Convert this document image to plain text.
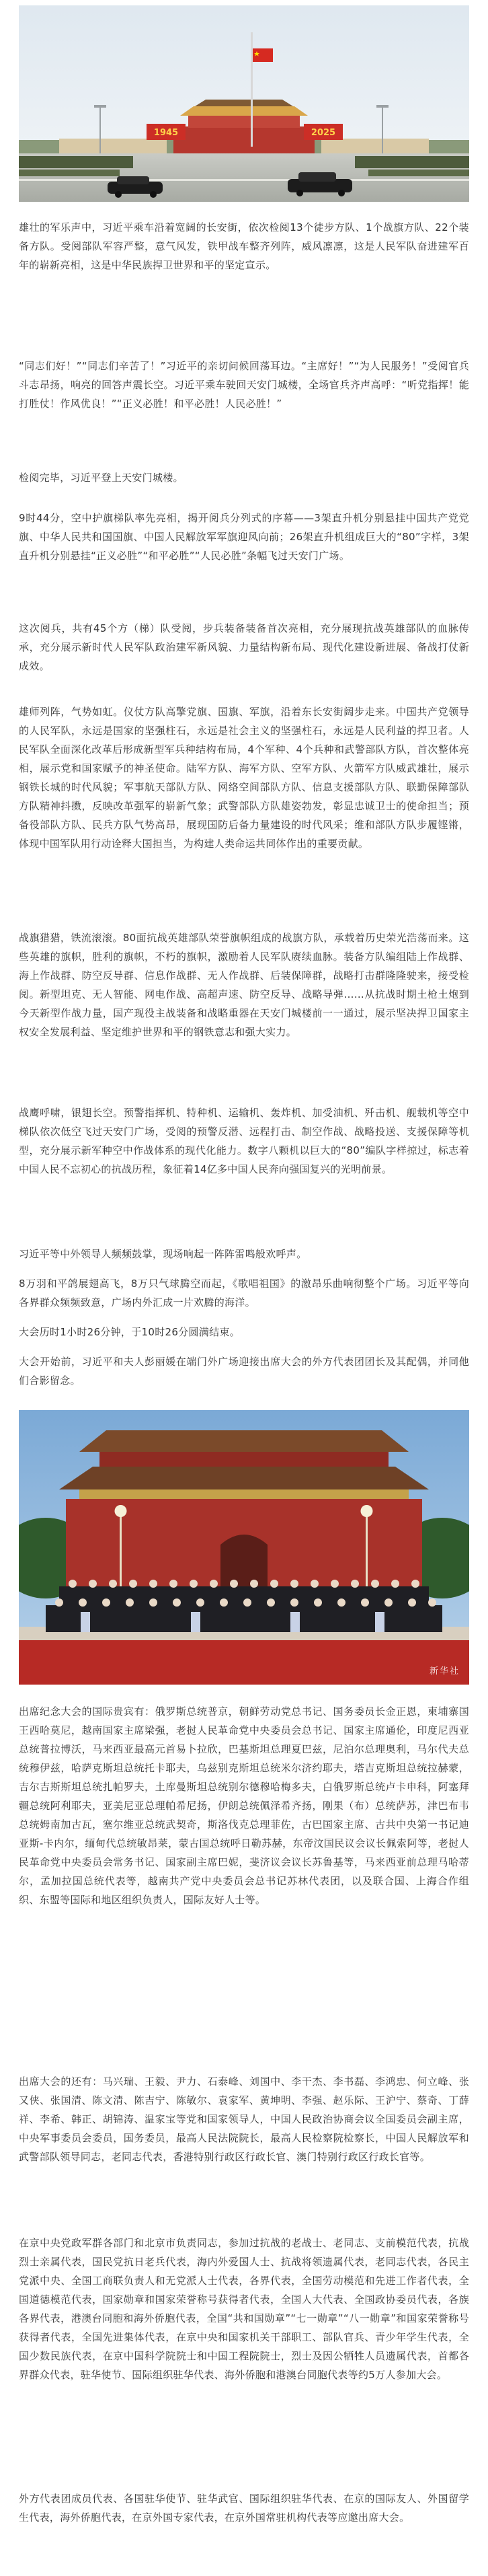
1945	2025

雄壮的军乐声中，习近平乘车沿着宽阔的长安街，依次检阅13个徒步方队、1个战旗方队、22个装备方队。受阅部队军容严整，意气风发，铁甲战车整齐列阵，威风凛凛，这是人民军队奋进建军百年的崭新亮相，这是中华民族捍卫世界和平的坚定宣示。

“同志们好！”“同志们辛苦了！”习近平的亲切问候回荡耳边。“主席好！”“为人民服务！”受阅官兵斗志昂扬，响亮的回答声震长空。习近平乘车驶回天安门城楼，全场官兵齐声高呼：“听党指挥！能打胜仗！作风优良！”“正义必胜！和平必胜！人民必胜！”

检阅完毕，习近平登上天安门城楼。

9时44分，空中护旗梯队率先亮相，揭开阅兵分列式的序幕——3架直升机分别悬挂中国共产党党旗、中华人民共和国国旗、中国人民解放军军旗迎风向前；26架直升机组成巨大的“80”字样，3架直升机分别悬挂“正义必胜”“和平必胜”“人民必胜”条幅飞过天安门广场。

这次阅兵，共有45个方（梯）队受阅，步兵装备装备首次亮相，充分展现抗战英雄部队的血脉传承，充分展示新时代人民军队政治建军新风貌、力量结构新布局、现代化建设新进展、备战打仗新成效。

雄师列阵，气势如虹。仪仗方队高擎党旗、国旗、军旗，沿着东长安街阔步走来。中国共产党领导的人民军队，永远是国家的坚强柱石，永远是社会主义的坚强柱石，永远是人民利益的捍卫者。人民军队全面深化改革后形成新型军兵种结构布局，4个军种、4个兵种和武警部队方队，首次整体亮相，展示党和国家赋予的神圣使命。陆军方队、海军方队、空军方队、火箭军方队威武雄壮，展示钢铁长城的时代风貌；军事航天部队方队、网络空间部队方队、信息支援部队方队、联勤保障部队方队精神抖擞，反映改革强军的崭新气象；武警部队方队雄姿勃发，彰显忠诚卫士的使命担当；预备役部队方队、民兵方队气势高昂，展现国防后备力量建设的时代风采；维和部队方队步履铿锵，体现中国军队用行动诠释大国担当，为构建人类命运共同体作出的重要贡献。

战旗猎猎，铁流滚滚。80面抗战英雄部队荣誉旗帜组成的战旗方队，承载着历史荣光浩荡而来。这些英雄的旗帜，胜利的旗帜，不朽的旗帜，激励着人民军队赓续血脉。装备方队编组陆上作战群、海上作战群、防空反导群、信息作战群、无人作战群、后装保障群，战略打击群隆隆驶来，接受检阅。新型坦克、无人智能、网电作战、高超声速、防空反导、战略导弹……从抗战时期土枪土炮到今天新型作战力量，国产现役主战装备和战略重器在天安门城楼前一一通过，展示坚决捍卫国家主权安全发展利益、坚定维护世界和平的钢铁意志和强大实力。

战鹰呼啸，银翅长空。预警指挥机、特种机、运输机、轰炸机、加受油机、歼击机、舰载机等空中梯队依次低空飞过天安门广场，受阅的预警反潜、远程打击、制空作战、战略投送、支援保障等机型，充分展示新军种空中作战体系的现代化能力。数字八颗机以巨大的“80”编队字样掠过，标志着中国人民不忘初心的抗战历程，象征着14亿多中国人民奔向强国复兴的光明前景。

习近平等中外领导人频频鼓掌，现场响起一阵阵雷鸣般欢呼声。

8万羽和平鸽展翅高飞，8万只气球腾空而起，《歌唱祖国》的激昂乐曲响彻整个广场。习近平等向各界群众频频致意，广场内外汇成一片欢腾的海洋。

大会历时1小时26分钟，于10时26分圆满结束。

大会开始前，习近平和夫人彭丽媛在端门外广场迎接出席大会的外方代表团团长及其配偶，并同他们合影留念。

新华社

出席纪念大会的国际贵宾有：俄罗斯总统普京，朝鲜劳动党总书记、国务委员长金正恩，柬埔寨国王西哈莫尼，越南国家主席梁强，老挝人民革命党中央委员会总书记、国家主席通伦，印度尼西亚总统普拉博沃，马来西亚最高元首易卜拉欣，巴基斯坦总理夏巴兹，尼泊尔总理奥利，马尔代夫总统穆伊兹，哈萨克斯坦总统托卡耶夫，乌兹别克斯坦总统米尔济约耶夫，塔吉克斯坦总统拉赫蒙，吉尔吉斯斯坦总统扎帕罗夫，土库曼斯坦总统别尔德穆哈梅多夫，白俄罗斯总统卢卡申科，阿塞拜疆总统阿利耶夫，亚美尼亚总理帕希尼扬，伊朗总统佩泽希齐扬，刚果（布）总统萨苏，津巴布韦总统姆南加古瓦，塞尔维亚总统武契奇，斯洛伐克总理菲佐，古巴国家主席、古共中央第一书记迪亚斯-卡内尔，缅甸代总统敏昂莱，蒙古国总统呼日勒苏赫，东帝汶国民议会议长佩索阿等，老挝人民革命党中央委员会常务书记、国家副主席巴妮，斐济议会议长苏鲁基等，马来西亚前总理马哈蒂尔，孟加拉国总统代表等，越南共产党中央委员会总书记苏林代表团，以及联合国、上海合作组织、东盟等国际和地区组织负责人，国际友好人士等。

出席大会的还有：马兴瑞、王毅、尹力、石泰峰、刘国中、李干杰、李书磊、李鸿忠、何立峰、张又侠、张国清、陈文清、陈吉宁、陈敏尔、袁家军、黄坤明、李强、赵乐际、王沪宁、蔡奇、丁薛祥、李希、韩正、胡锦涛、温家宝等党和国家领导人，中国人民政治协商会议全国委员会副主席，中央军事委员会委员，国务委员，最高人民法院院长，最高人民检察院检察长，中国人民解放军和武警部队领导同志，老同志代表，香港特别行政区行政长官、澳门特别行政区行政长官等。

在京中央党政军群各部门和北京市负责同志，参加过抗战的老战士、老同志、支前模范代表，抗战烈士亲属代表，国民党抗日老兵代表，海内外爱国人士、抗战将领遗属代表，老同志代表，各民主党派中央、全国工商联负责人和无党派人士代表，各界代表，全国劳动模范和先进工作者代表，全国道德模范代表，国家勋章和国家荣誉称号获得者代表，全国人大代表、全国政协委员代表，各族各界代表，港澳台同胞和海外侨胞代表，全国“共和国勋章”“七一勋章”“八一勋章”和国家荣誉称号获得者代表，全国先进集体代表，在京中央和国家机关干部职工、部队官兵、青少年学生代表，全国少数民族代表，在京中国科学院院士和中国工程院院士，烈士及因公牺牲人员遗属代表，首都各界群众代表，驻华使节、国际组织驻华代表、海外侨胞和港澳台同胞代表等约5万人参加大会。

外方代表团成员代表、各国驻华使节、驻华武官、国际组织驻华代表、在京的国际友人、外国留学生代表，海外侨胞代表，在京外国专家代表，在京外国常驻机构代表等应邀出席大会。
